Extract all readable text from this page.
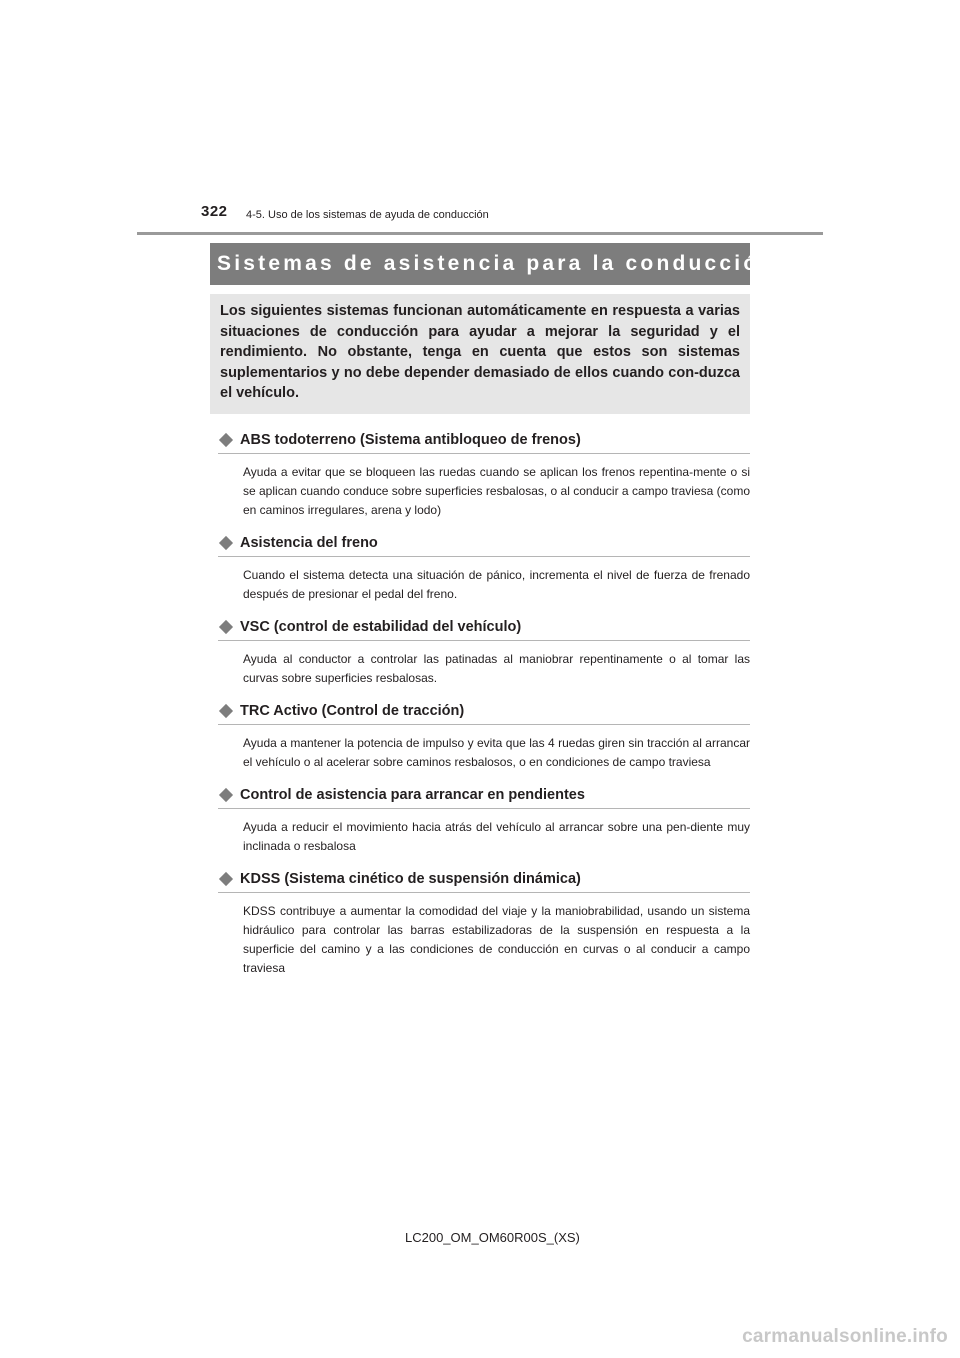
322 4-5. Uso de los sistemas de ayuda de conducción
Sistemas de asistencia para la conducción

Los siguientes sistemas funcionan automáticamente en respuesta a varias situaciones de conducción para ayudar a mejorar la seguridad y el rendimiento. No obstante, tenga en cuenta que estos son sistemas suplementarios y no debe depender demasiado de ellos cuando con-duzca el vehículo.

ABS todoterreno (Sistema antibloqueo de frenos)

Ayuda a evitar que se bloqueen las ruedas cuando se aplican los frenos repentina-mente o si se aplican cuando conduce sobre superficies resbalosas, o al conducir a campo traviesa (como en caminos irregulares, arena y lodo)

Asistencia del freno

Cuando el sistema detecta una situación de pánico, incrementa el nivel de fuerza de frenado después de presionar el pedal del freno.

VSC (control de estabilidad del vehículo)

Ayuda al conductor a controlar las patinadas al maniobrar repentinamente o al tomar las curvas sobre superficies resbalosas.

TRC Activo (Control de tracción)

Ayuda a mantener la potencia de impulso y evita que las 4 ruedas giren sin tracción al arrancar el vehículo o al acelerar sobre caminos resbalosos, o en condiciones de campo traviesa

Control de asistencia para arrancar en pendientes

Ayuda a reducir el movimiento hacia atrás del vehículo al arrancar sobre una pen-diente muy inclinada o resbalosa

KDSS (Sistema cinético de suspensión dinámica)

KDSS contribuye a aumentar la comodidad del viaje y la maniobrabilidad, usando un sistema hidráulico para controlar las barras estabilizadoras de la suspensión en respuesta a la superficie del camino y a las condiciones de conducción en curvas o al conducir a campo traviesa

LC200_OM_OM60R00S_(XS)
carmanualsonline.info
